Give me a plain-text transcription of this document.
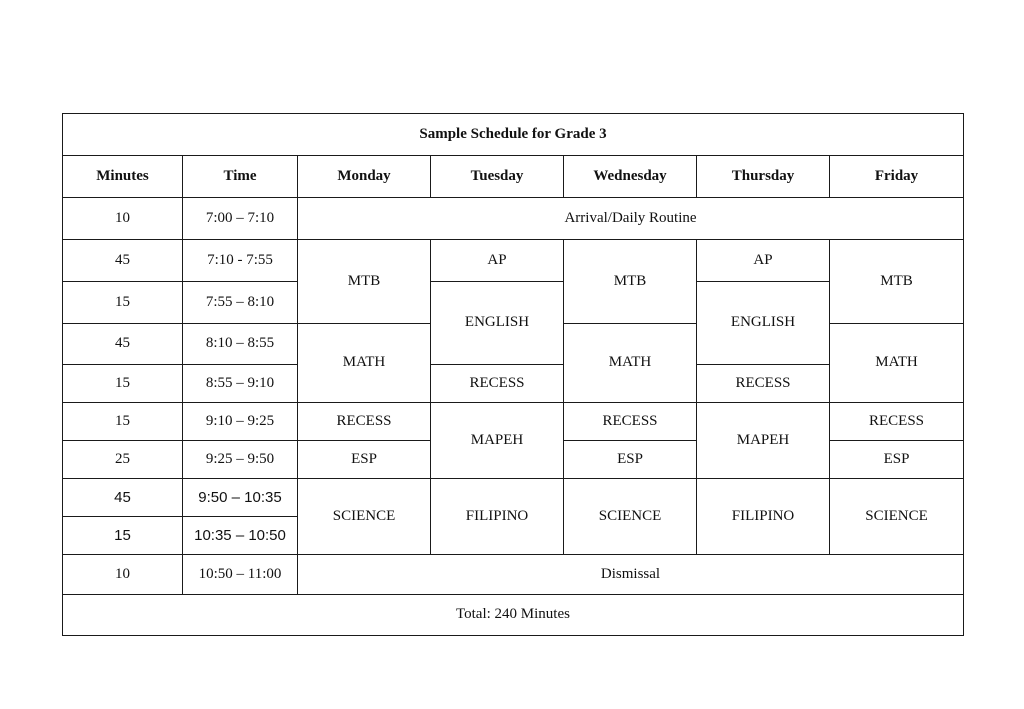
Sample Schedule for Grade 3						
Minutes	Time	Monday	Tuesday	Wednesday	Thursday	Friday
10	7:00 – 7:10	Arrival/Daily Routine				
45	7:10 - 7:55	MTB	AP	MTB	AP	MTB
15	7:55 – 8:10		ENGLISH		ENGLISH	
45	8:10 – 8:55	MATH		MATH		MATH
15	8:55 – 9:10		RECESS		RECESS	
15	9:10 – 9:25	RECESS	MAPEH	RECESS	MAPEH	RECESS
25	9:25 – 9:50	ESP		ESP		ESP
45	9:50 – 10:35	SCIENCE	FILIPINO	SCIENCE	FILIPINO	SCIENCE
15	10:35 – 10:50					
10	10:50 – 11:00	Dismissal				
Total: 240 Minutes						
